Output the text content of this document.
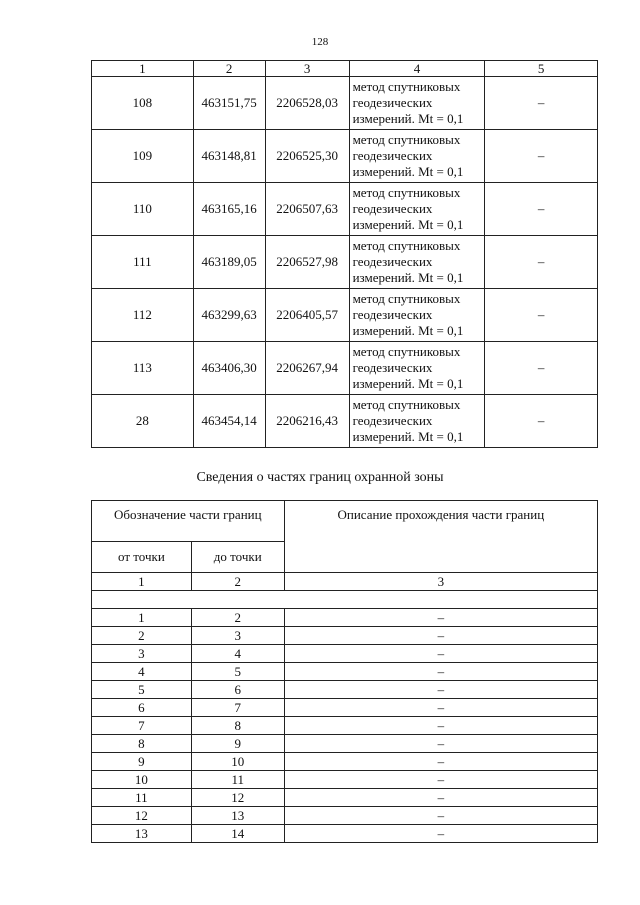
128
1	2	3	4	5
108	463151,75	2206528,03	метод спутниковых
геодезических
измерений. Mt = 0,1	–
109	463148,81	2206525,30	метод спутниковых
геодезических
измерений. Mt = 0,1	–
110	463165,16	2206507,63	метод спутниковых
геодезических
измерений. Mt = 0,1	–
111	463189,05	2206527,98	метод спутниковых
геодезических
измерений. Mt = 0,1	–
112	463299,63	2206405,57	метод спутниковых
геодезических
измерений. Mt = 0,1	–
113	463406,30	2206267,94	метод спутниковых
геодезических
измерений. Mt = 0,1	–
28	463454,14	2206216,43	метод спутниковых
геодезических
измерений. Mt = 0,1	–
Сведения о частях границ охранной зоны
Обозначение части границ		Описание прохождения части границ
от точки	до точки	
1	2	3

1	2	–
2	3	–
3	4	–
4	5	–
5	6	–
6	7	–
7	8	–
8	9	–
9	10	–
10	11	–
11	12	–
12	13	–
13	14	–
